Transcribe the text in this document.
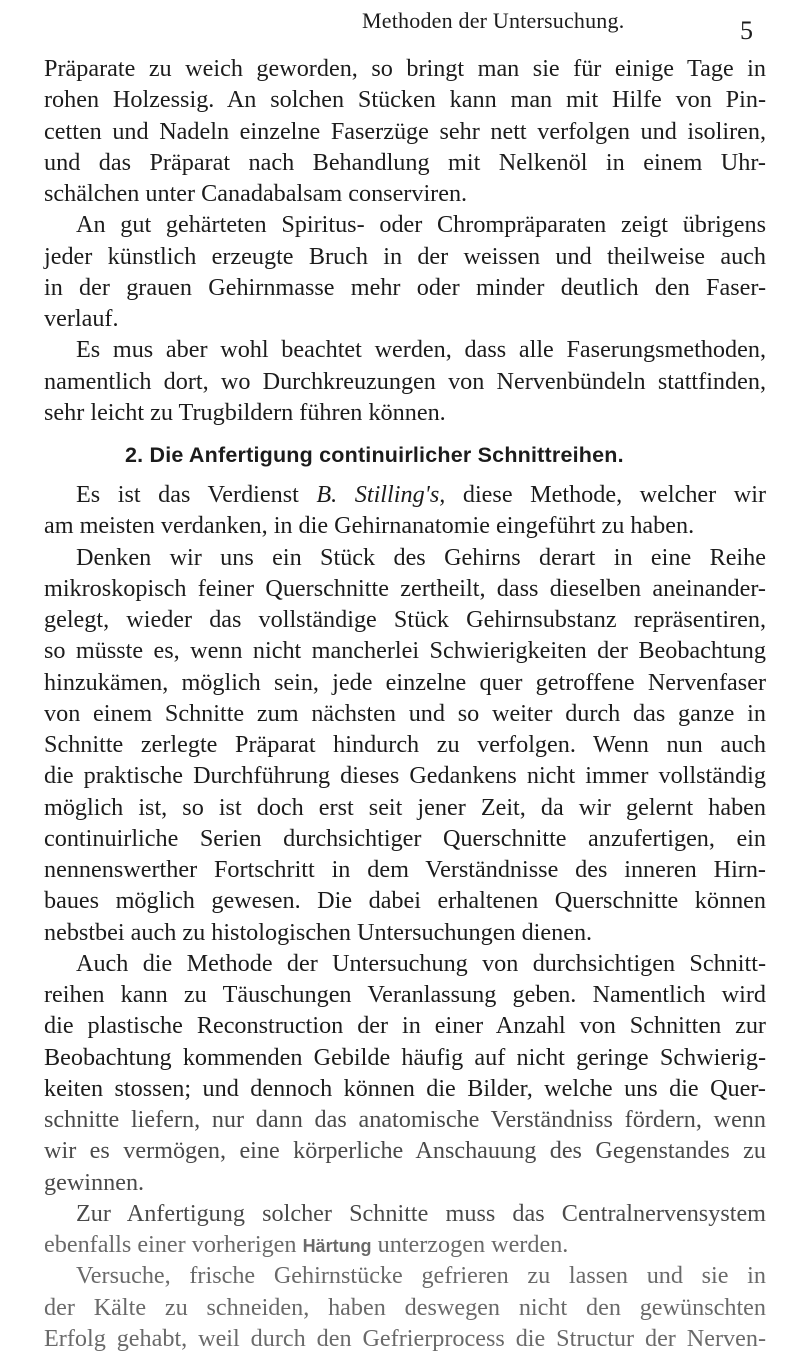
Methoden der Untersuchung.	5
Präparate zu weich geworden, so bringt man sie für einige Tage in
rohen Holzessig. An solchen Stücken kann man mit Hilfe von Pin-
cetten und Nadeln einzelne Faserzüge sehr nett verfolgen und isoliren,
und das Präparat nach Behandlung mit Nelkenöl in einem Uhr-
schälchen unter Canadabalsam conserviren.
An gut gehärteten Spiritus- oder Chrompräparaten zeigt übrigens
jeder künstlich erzeugte Bruch in der weissen und theilweise auch
in der grauen Gehirnmasse mehr oder minder deutlich den Faser-
verlauf.
Es mus aber wohl beachtet werden, dass alle Faserungsmethoden,
namentlich dort, wo Durchkreuzungen von Nervenbündeln stattfinden,
sehr leicht zu Trugbildern führen können.
2. Die Anfertigung continuirlicher Schnittreihen.
Es ist das Verdienst B. Stilling's, diese Methode, welcher wir
am meisten verdanken, in die Gehirnanatomie eingeführt zu haben.
Denken wir uns ein Stück des Gehirns derart in eine Reihe
mikroskopisch feiner Querschnitte zertheilt, dass dieselben aneinander-
gelegt, wieder das vollständige Stück Gehirnsubstanz repräsentiren,
so müsste es, wenn nicht mancherlei Schwierigkeiten der Beobachtung
hinzukämen, möglich sein, jede einzelne quer getroffene Nervenfaser
von einem Schnitte zum nächsten und so weiter durch das ganze in
Schnitte zerlegte Präparat hindurch zu verfolgen. Wenn nun auch
die praktische Durchführung dieses Gedankens nicht immer vollständig
möglich ist, so ist doch erst seit jener Zeit, da wir gelernt haben
continuirliche Serien durchsichtiger Querschnitte anzufertigen, ein
nennenswerther Fortschritt in dem Verständnisse des inneren Hirn-
baues möglich gewesen. Die dabei erhaltenen Querschnitte können
nebstbei auch zu histologischen Untersuchungen dienen.
Auch die Methode der Untersuchung von durchsichtigen Schnitt-
reihen kann zu Täuschungen Veranlassung geben. Namentlich wird
die plastische Reconstruction der in einer Anzahl von Schnitten zur
Beobachtung kommenden Gebilde häufig auf nicht geringe Schwierig-
keiten stossen; und dennoch können die Bilder, welche uns die Quer-
schnitte liefern, nur dann das anatomische Verständniss fördern, wenn
wir es vermögen, eine körperliche Anschauung des Gegenstandes zu
gewinnen.
Zur Anfertigung solcher Schnitte muss das Centralnervensystem
ebenfalls einer vorherigen Härtung unterzogen werden.
Versuche, frische Gehirnstücke gefrieren zu lassen und sie in
der Kälte zu schneiden, haben deswegen nicht den gewünschten
Erfolg gehabt, weil durch den Gefrierprocess die Structur der Nerven-
